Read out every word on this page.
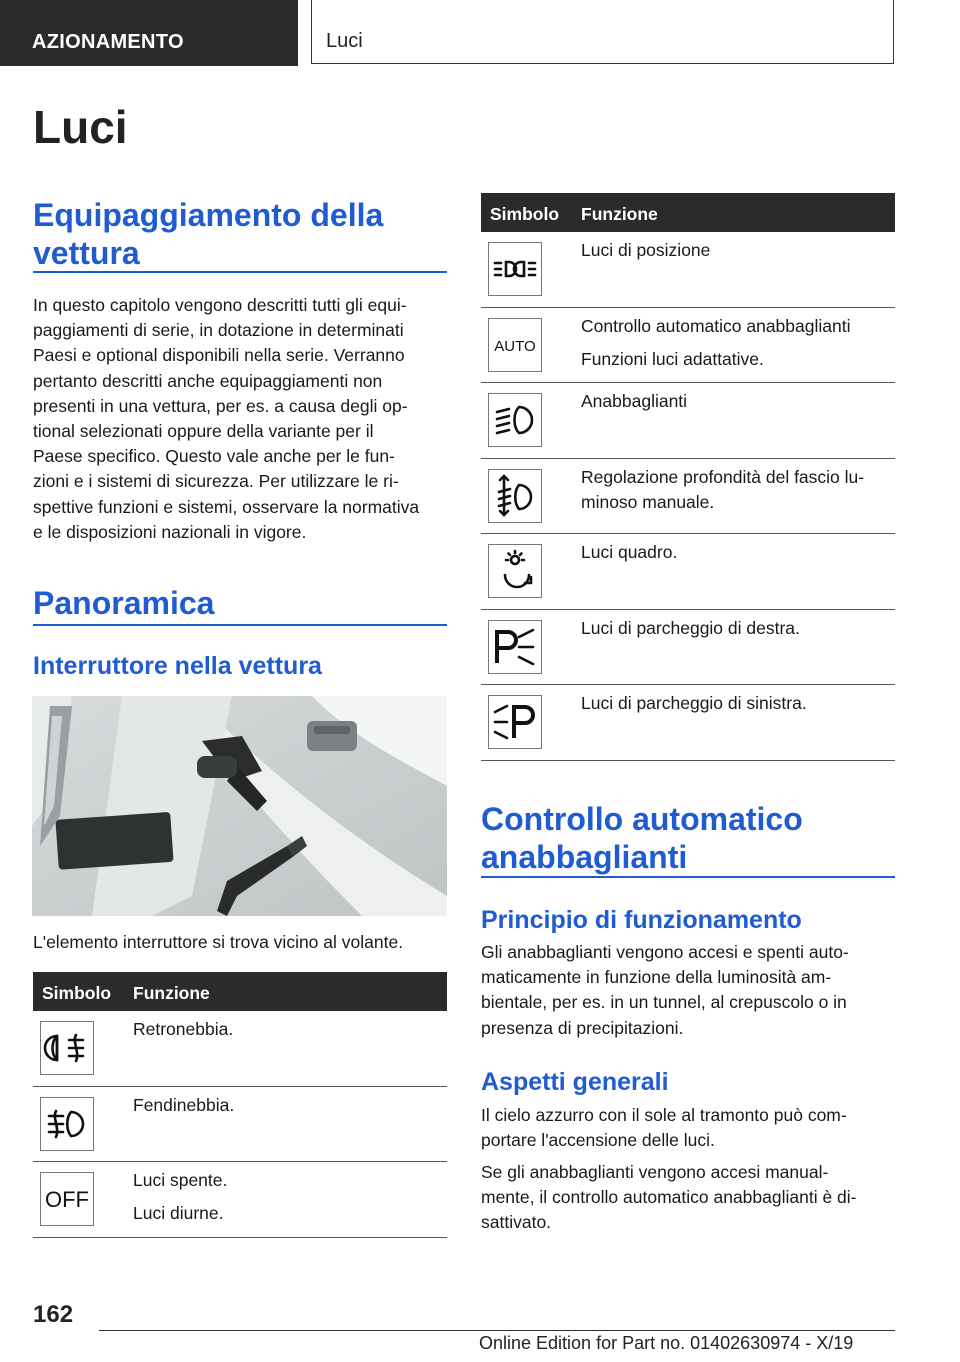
AZIONAMENTO	Luci
Luci
Equipaggiamento della
vettura
In questo capitolo vengono descritti tutti gli equi-
paggiamenti di serie, in dotazione in determinati
Paesi e optional disponibili nella serie. Verranno
pertanto descritti anche equipaggiamenti non
presenti in una vettura, per es. a causa degli op-
tional selezionati oppure della variante per il
Paese specifico. Questo vale anche per le fun-
zioni e i sistemi di sicurezza. Per utilizzare le ri-
spettive funzioni e sistemi, osservare la normativa
e le disposizioni nazionali in vigore.
Panoramica
Interruttore nella vettura
L'elemento interruttore si trova vicino al volante.
Simbolo Funzione

Retronebbia.

Fendinebbia.

OFF

Luci spente.

Luci diurne.

Simbolo Funzione

Luci di posizione

AUTO

Controllo automatico anabbaglianti

Funzioni luci adattative.

Anabbaglianti

Regolazione profondità del fascio lu-
minoso manuale.

Luci quadro.

Luci di parcheggio di destra.

Luci di parcheggio di sinistra.

Controllo automatico
anabbaglianti
Principio di funzionamento
Gli anabbaglianti vengono accesi e spenti auto-
maticamente in funzione della luminosità am-
bientale, per es. in un tunnel, al crepuscolo o in
presenza di precipitazioni.
Aspetti generali
Il cielo azzurro con il sole al tramonto può com-
portare l'accensione delle luci.
Se gli anabbaglianti vengono accesi manual-
mente, il controllo automatico anabbaglianti è di-
sattivato.
162
Online Edition for Part no. 01402630974 - X/19
